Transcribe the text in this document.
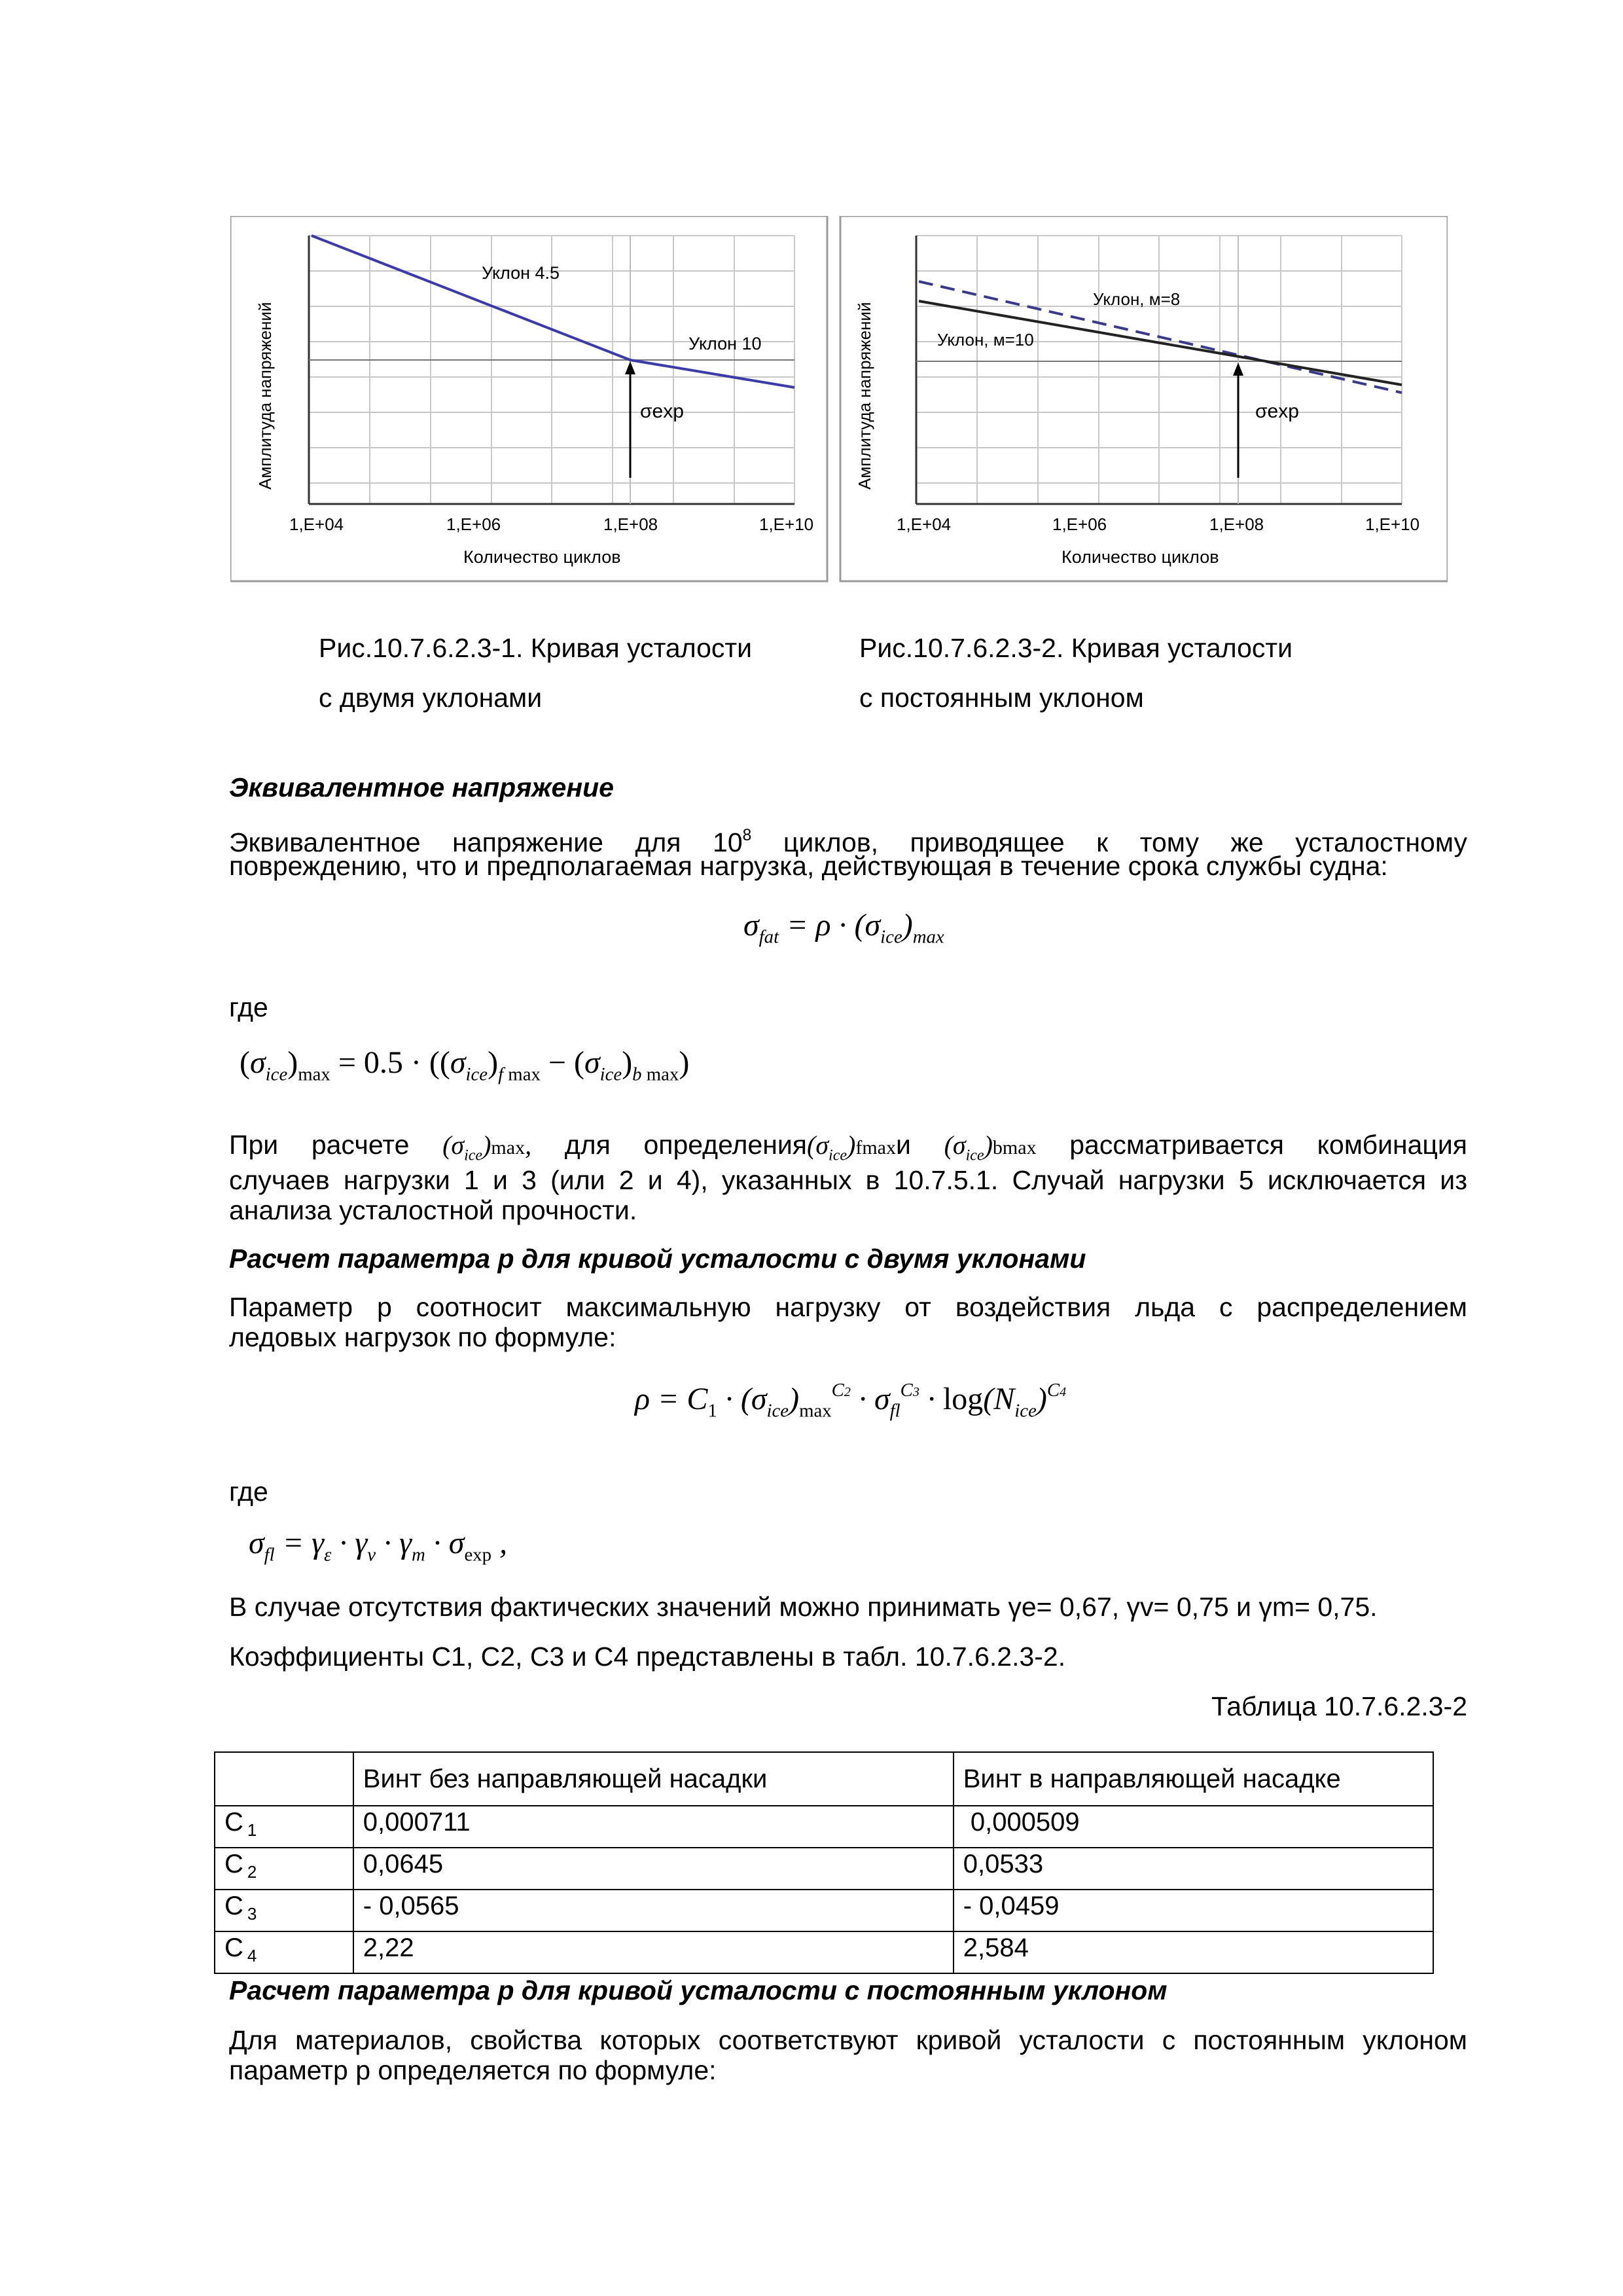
Уклон 4.5
Уклон 10
σexp
1,E+04	1,E+06	1,E+08	1,E+10
Количество циклов
Амплитуда напряжений
Уклон, м=8
Уклон, м=10
σexp
1,E+04	1,E+06	1,E+08	1,E+10
Количество циклов
Амплитуда напряжений
Рис.10.7.6.2.3-1. Кривая усталости
с двумя уклонами
Рис.10.7.6.2.3-2. Кривая усталости
с постоянным уклоном
Эквивалентное напряжение
Эквивалентное напряжение для $10^8$ циклов, приводящее к тому же усталостному
повреждению, что и предполагаемая нагрузка, действующая в течение срока службы судна:
$\sigma_{fat} = \rho \cdot (\sigma_{ice})_{max}$
где
$(\sigma_{ice})_{max} = 0.5 \cdot ((\sigma_{ice})_{f max} - (\sigma_{ice})_{b max})$
При расчете $(\sigma_{ice})\max$, для $определения(\sigma_{ice})fmaxи$ $(\sigma_{ice})bmax$ рассматривается комбинация
случаев нагрузки 1 и 3 (или 2 и 4), указанных в 10.7.5.1. Случай нагрузки 5 исключается из
анализа усталостной прочности.
Расчет параметра р для кривой усталости с двумя уклонами
Параметр р соотносит максимальную нагрузку от воздействия льда с распределением
ледовых нагрузок по формуле:
$\rho = C_1 \cdot (\sigma_{ice})_{max}^{C2} \cdot \sigma_{fl}^{C3} \cdot \log(N_{ice})^{C4}$
где
$\sigma_{fl} = \gamma_\varepsilon \cdot \gamma_v \cdot \gamma_m \cdot \sigma_{exp}$ ,
В случае отсутствия фактических значений можно принимать γe= 0,67, γv= 0,75 и γm= 0,75.
Коэффициенты C1, C2, C3 и C4 представлены в табл. 10.7.6.2.3-2.
Таблица 10.7.6.2.3-2
	Винт без направляющей насадки	Винт в направляющей насадке
С $_1$	0,000711	0,000509
С $_2$	0,0645	0,0533
С $_3$	- 0,0565	- 0,0459
С $_4$	2,22	2,584
Расчет параметра р для кривой усталости с постоянным уклоном
Для материалов, свойства которых соответствуют кривой усталости с постоянным уклоном
параметр р определяется по формуле:
